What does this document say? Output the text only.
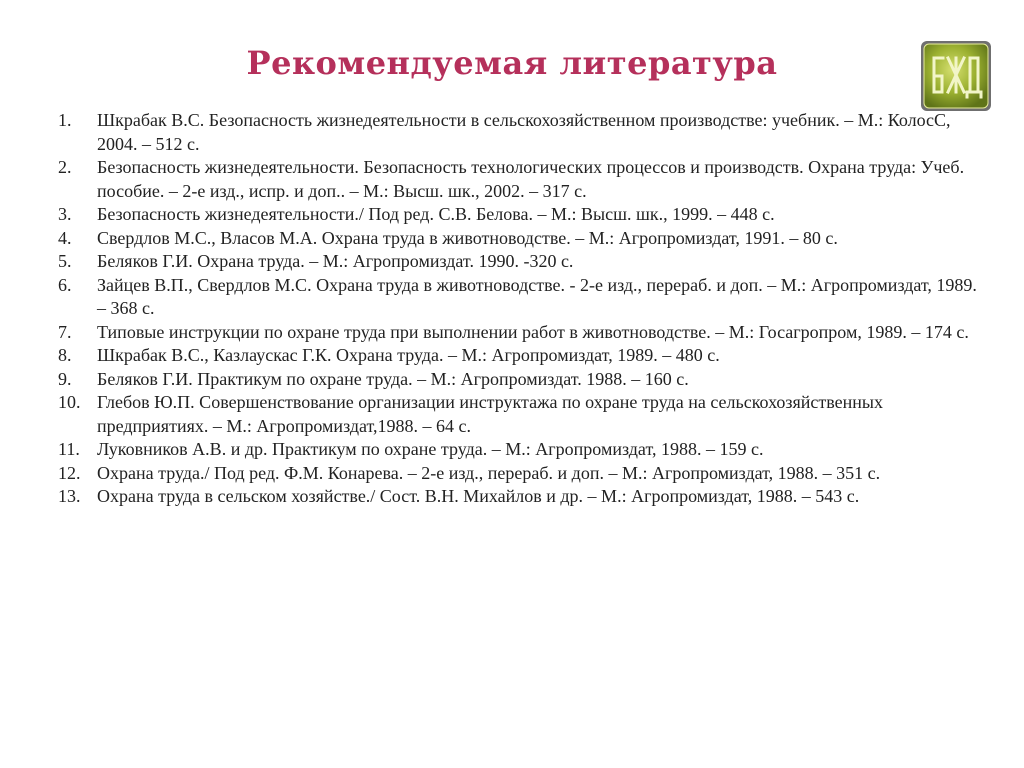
Рекомендуемая литература
БЖД
1. Шкрабак В.С. Безопасность жизнедеятельности в сельскохозяйственном производстве: учебник. – М.: КолосС, 2004. – 512 с.
2. Безопасность жизнедеятельности. Безопасность технологических процессов и производств. Охрана труда: Учеб. пособие. – 2-е изд., испр. и доп.. – М.: Высш. шк., 2002. – 317 с.
3. Безопасность жизнедеятельности./ Под ред. С.В. Белова. – М.: Высш. шк., 1999. – 448 с.
4. Свердлов М.С., Власов М.А. Охрана труда в животноводстве. – М.: Агропромиздат, 1991. – 80 с.
5. Беляков Г.И. Охрана труда. – М.: Агропромиздат. 1990. -320 с.
6. Зайцев В.П., Свердлов М.С. Охрана труда в животноводстве. - 2-е изд., перераб. и доп. – М.: Агропромиздат, 1989. – 368 с.
7. Типовые инструкции по охране труда при выполнении работ в животноводстве. – М.: Госагропром, 1989. – 174 с.
8. Шкрабак В.С., Казлаускас Г.К. Охрана труда. – М.: Агропромиздат, 1989. – 480 с.
9. Беляков Г.И. Практикум по охране труда. – М.: Агропромиздат. 1988. – 160 с.
10. Глебов Ю.П. Совершенствование организации инструктажа по охране труда на сельскохозяйственных предприятиях. – М.: Агропромиздат,1988. – 64 с.
11. Луковников А.В. и др. Практикум по охране труда. – М.: Агропромиздат, 1988. – 159 с.
12. Охрана труда./ Под ред. Ф.М. Конарева. – 2-е изд., перераб. и доп. – М.: Агропромиздат, 1988. – 351 с.
13. Охрана труда в сельском хозяйстве./ Сост. В.Н. Михайлов и др. – М.: Агропромиздат, 1988. – 543 с.
